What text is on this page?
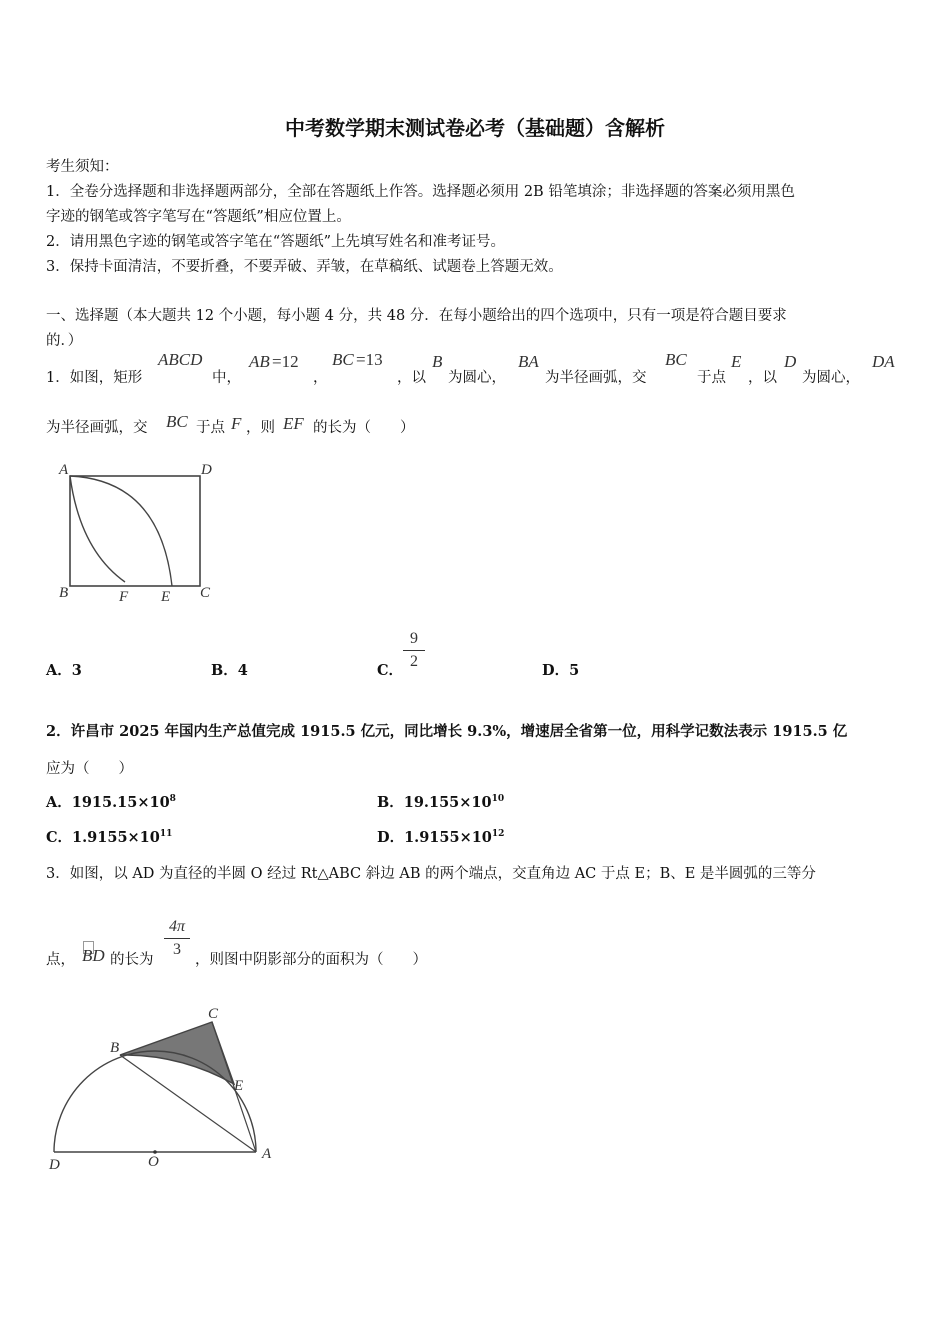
中考数学期末测试卷必考（基础题）含解析
考生须知：
1．全卷分选择题和非选择题两部分，全部在答题纸上作答。选择题必须用 2B 铅笔填涂；非选择题的答案必须用黑色
字迹的钢笔或答字笔写在“答题纸”相应位置上。
2．请用黑色字迹的钢笔或答字笔在“答题纸”上先填写姓名和准考证号。
3．保持卡面清洁，不要折叠，不要弄破、弄皱，在草稿纸、试题卷上答题无效。
一、选择题（本大题共 12 个小题，每小题 4 分，共 48 分．在每小题给出的四个选项中，只有一项是符合题目要求
的．）
1．如图，矩形
ABCD
中，
AB =12
，
BC =13
，以
B
为圆心，
BA
为半径画弧，交
BC
于点
E
，以
D
为圆心，
DA
为半径画弧，交 BC 于点 F ，则 EF 的长为（　　）
A	D
B	F E C
A．3	B．4	C．
9
2
D．5
2．许昌市 2025 年国内生产总值完成 1915.5 亿元，同比增长 9.3%，增速居全省第一位，用科学记数法表示 1915.5 亿
应为（　　）
A．$1915.15\times 10^8$	B．$19.155\times 10^{10}$
C．$1.9155\times 10^{11}$	D．$1.9155\times 10^{12}$
3．如图，以 AD 为直径的半圆 O 经过 Rt△ABC 斜边 AB 的两个端点，交直角边 AC 于点 E；B、E 是半圆弧的三等分
点， BD 的长为
4π
3
，则图中阴影部分的面积为（　　）
C
B
E
D	O	A
